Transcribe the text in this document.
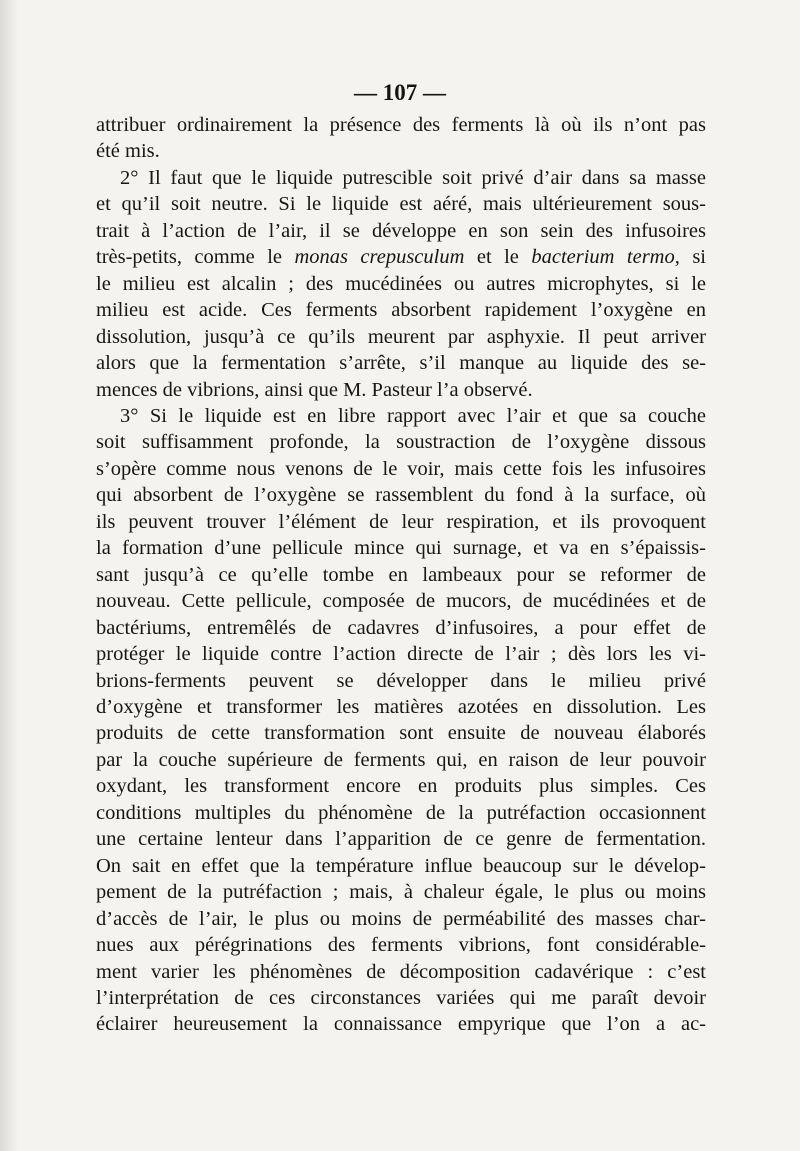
— 107 —

attribuer ordinairement la présence des ferments là où ils n’ont pas
été mis.
2° Il faut que le liquide putrescible soit privé d’air dans sa masse
et qu’il soit neutre. Si le liquide est aéré, mais ultérieurement sous-
trait à l’action de l’air, il se développe en son sein des infusoires
très-petits, comme le monas crepusculum et le bacterium termo, si
le milieu est alcalin ; des mucédinées ou autres microphytes, si le
milieu est acide. Ces ferments absorbent rapidement l’oxygène en
dissolution, jusqu’à ce qu’ils meurent par asphyxie. Il peut arriver
alors que la fermentation s’arrête, s’il manque au liquide des se-
mences de vibrions, ainsi que M. Pasteur l’a observé.
3° Si le liquide est en libre rapport avec l’air et que sa couche
soit suffisamment profonde, la soustraction de l’oxygène dissous
s’opère comme nous venons de le voir, mais cette fois les infusoires
qui absorbent de l’oxygène se rassemblent du fond à la surface, où
ils peuvent trouver l’élément de leur respiration, et ils provoquent
la formation d’une pellicule mince qui surnage, et va en s’épaissis-
sant jusqu’à ce qu’elle tombe en lambeaux pour se reformer de
nouveau. Cette pellicule, composée de mucors, de mucédinées et de
bactériums, entremêlés de cadavres d’infusoires, a pour effet de
protéger le liquide contre l’action directe de l’air ; dès lors les vi-
brions-ferments peuvent se développer dans le milieu privé
d’oxygène et transformer les matières azotées en dissolution. Les
produits de cette transformation sont ensuite de nouveau élaborés
par la couche supérieure de ferments qui, en raison de leur pouvoir
oxydant, les transforment encore en produits plus simples. Ces
conditions multiples du phénomène de la putréfaction occasionnent
une certaine lenteur dans l’apparition de ce genre de fermentation.
On sait en effet que la température influe beaucoup sur le dévelop-
pement de la putréfaction ; mais, à chaleur égale, le plus ou moins
d’accès de l’air, le plus ou moins de perméabilité des masses char-
nues aux pérégrinations des ferments vibrions, font considérable-
ment varier les phénomènes de décomposition cadavérique : c’est
l’interprétation de ces circonstances variées qui me paraît devoir
éclairer heureusement la connaissance empyrique que l’on a ac-
